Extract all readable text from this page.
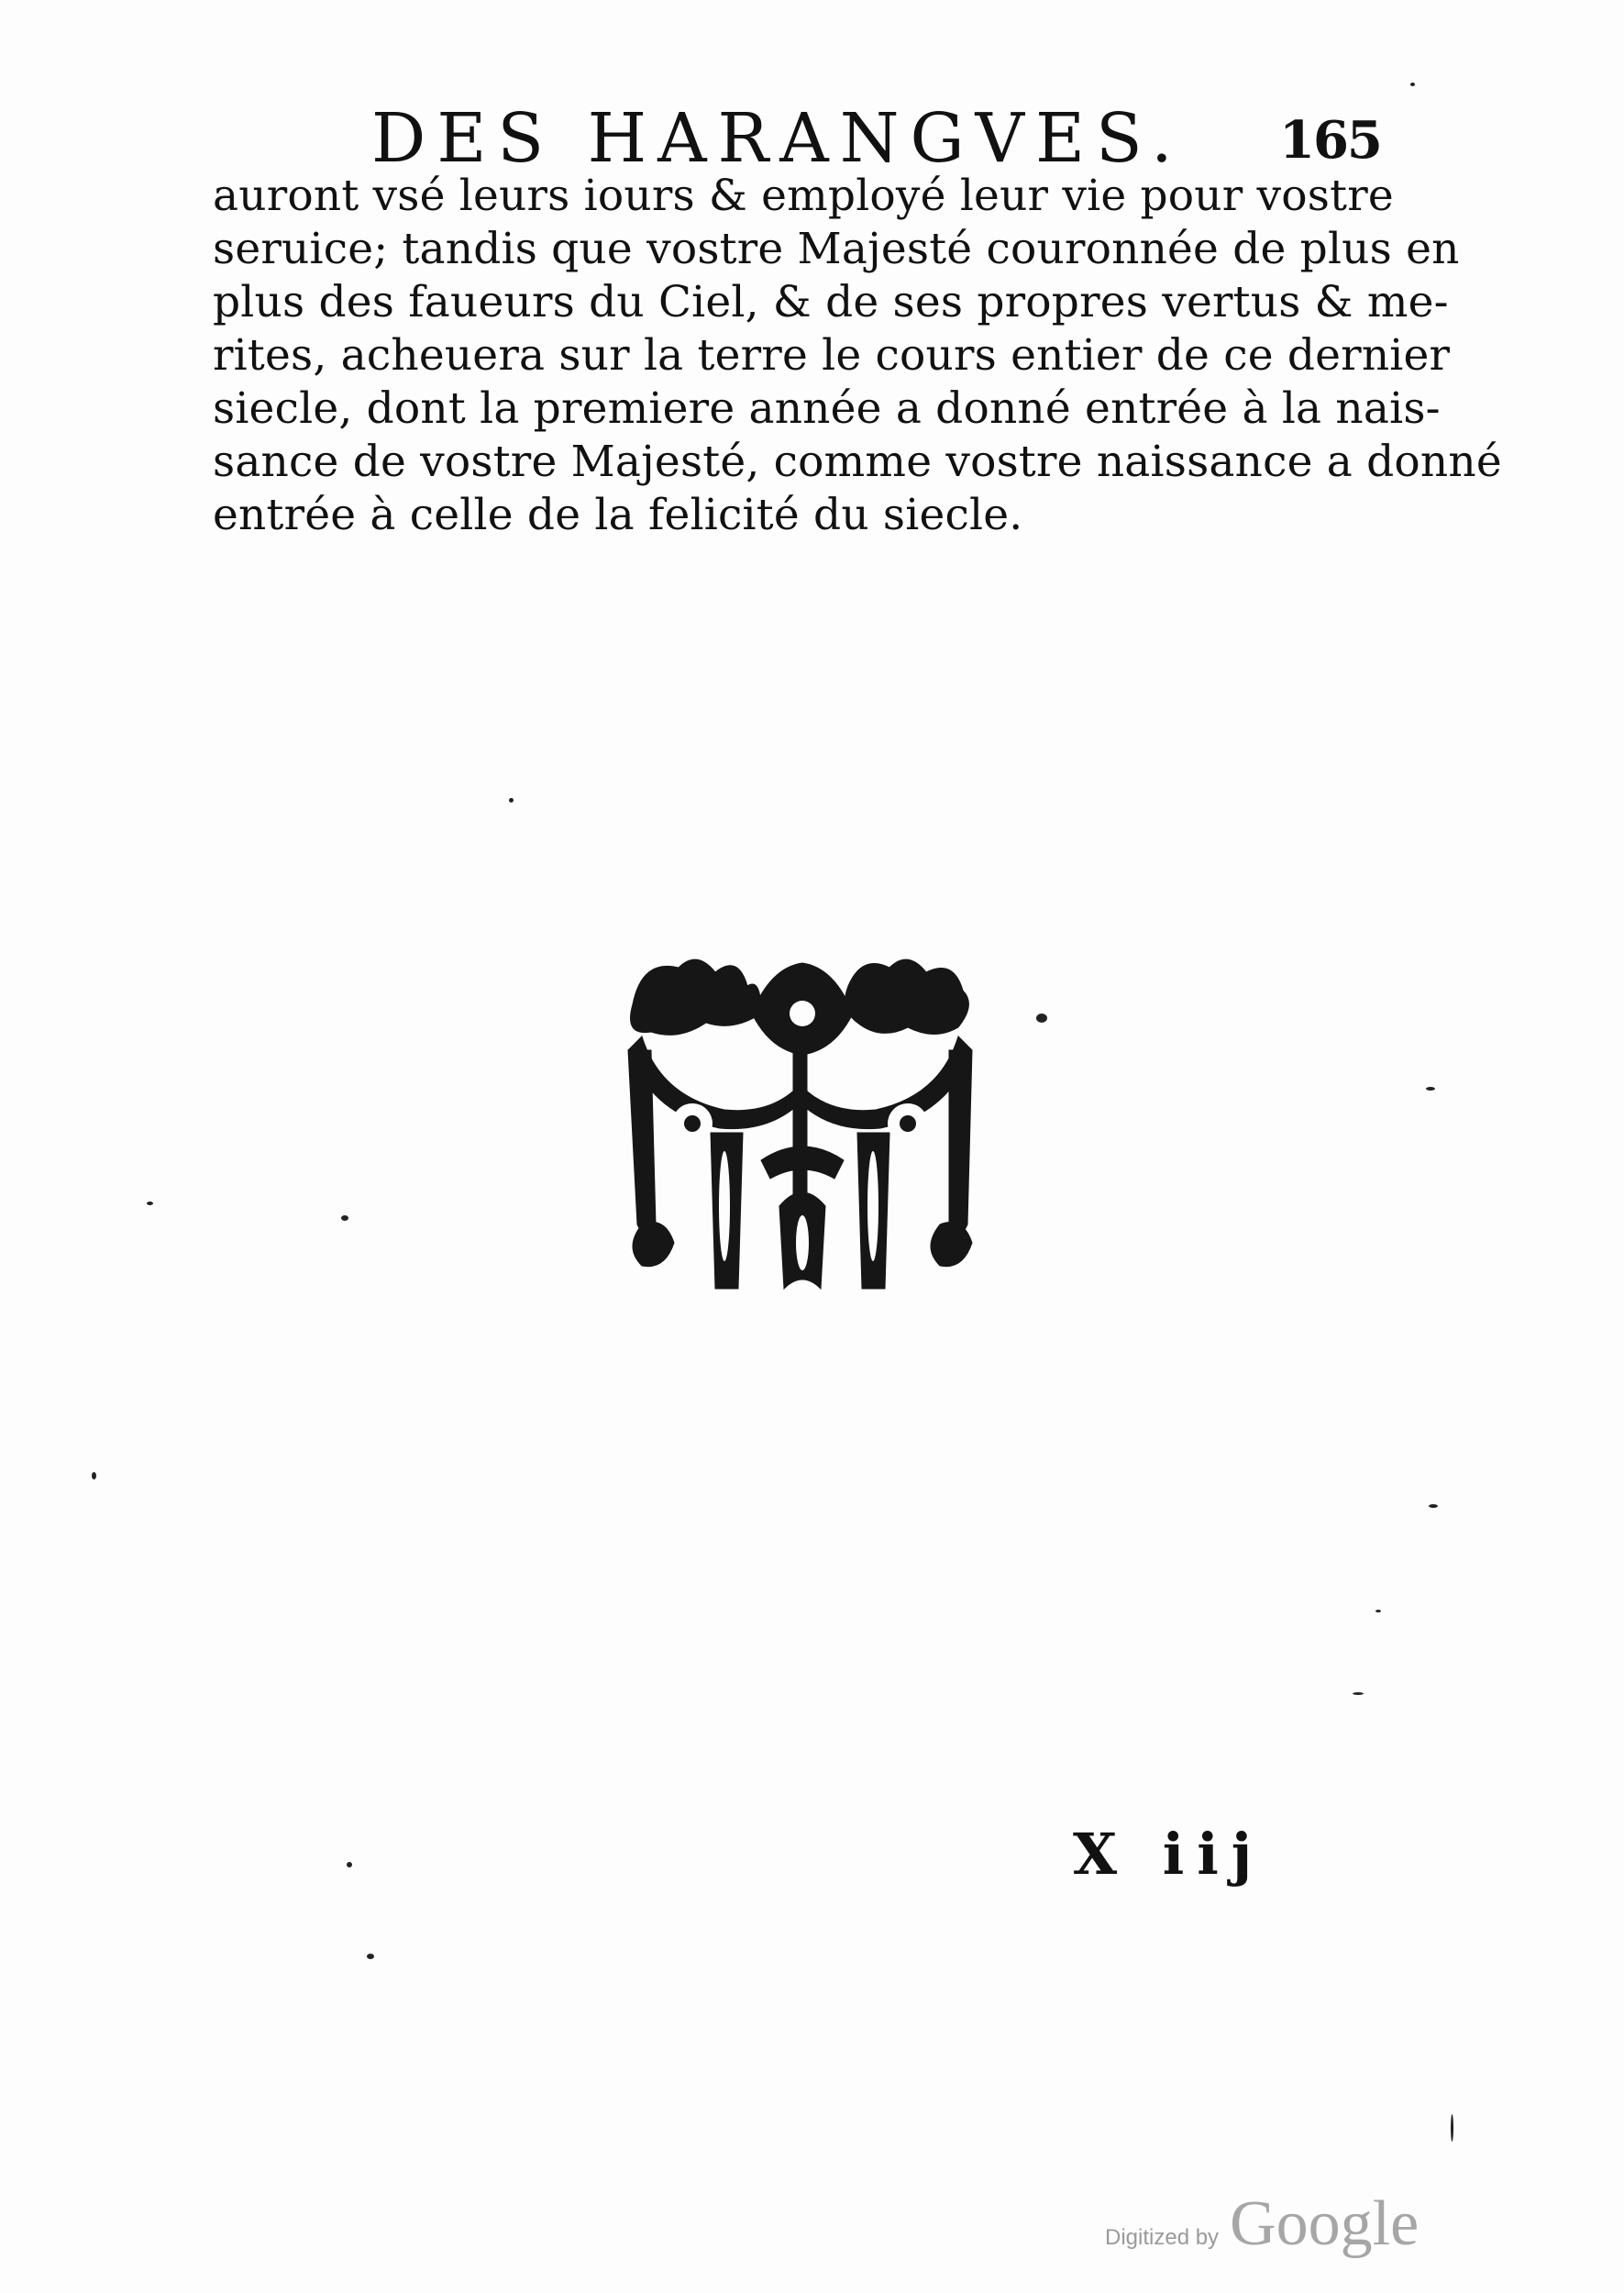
DES HARANGVES. 165
auront vsé leurs iours & employé leur vie pour vostre
seruice; tandis que vostre Majesté couronnée de plus en
plus des faueurs du Ciel, & de ses propres vertus & me-
rites, acheuera sur la terre le cours entier de ce dernier
siecle, dont la premiere année a donné entrée à la nais-
sance de vostre Majesté, comme vostre naissance a donné
entrée à celle de la felicité du siecle.
X iij
Digitized by Google
